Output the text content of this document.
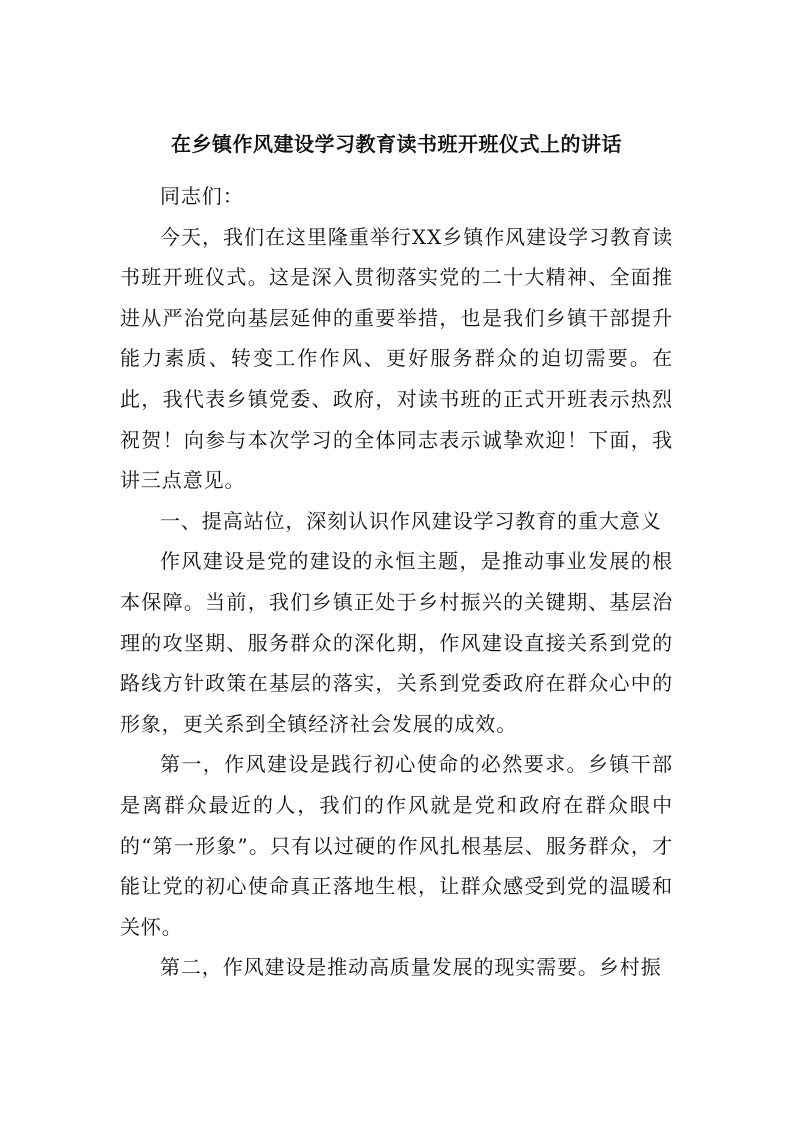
在乡镇作风建设学习教育读书班开班仪式上的讲话

同志们：

今天，我们在这里隆重举行XX乡镇作风建设学习教育读书班开班仪式。这是深入贯彻落实党的二十大精神、全面推进从严治党向基层延伸的重要举措，也是我们乡镇干部提升能力素质、转变工作作风、更好服务群众的迫切需要。在此，我代表乡镇党委、政府，对读书班的正式开班表示热烈祝贺！向参与本次学习的全体同志表示诚挚欢迎！下面，我讲三点意见。

一、提高站位，深刻认识作风建设学习教育的重大意义

作风建设是党的建设的永恒主题，是推动事业发展的根本保障。当前，我们乡镇正处于乡村振兴的关键期、基层治理的攻坚期、服务群众的深化期，作风建设直接关系到党的路线方针政策在基层的落实，关系到党委政府在群众心中的形象，更关系到全镇经济社会发展的成效。

第一，作风建设是践行初心使命的必然要求。乡镇干部是离群众最近的人，我们的作风就是党和政府在群众眼中的“第一形象”。只有以过硬的作风扎根基层、服务群众，才能让党的初心使命真正落地生根，让群众感受到党的温暖和关怀。

第二，作风建设是推动高质量发展的现实需要。乡村振
